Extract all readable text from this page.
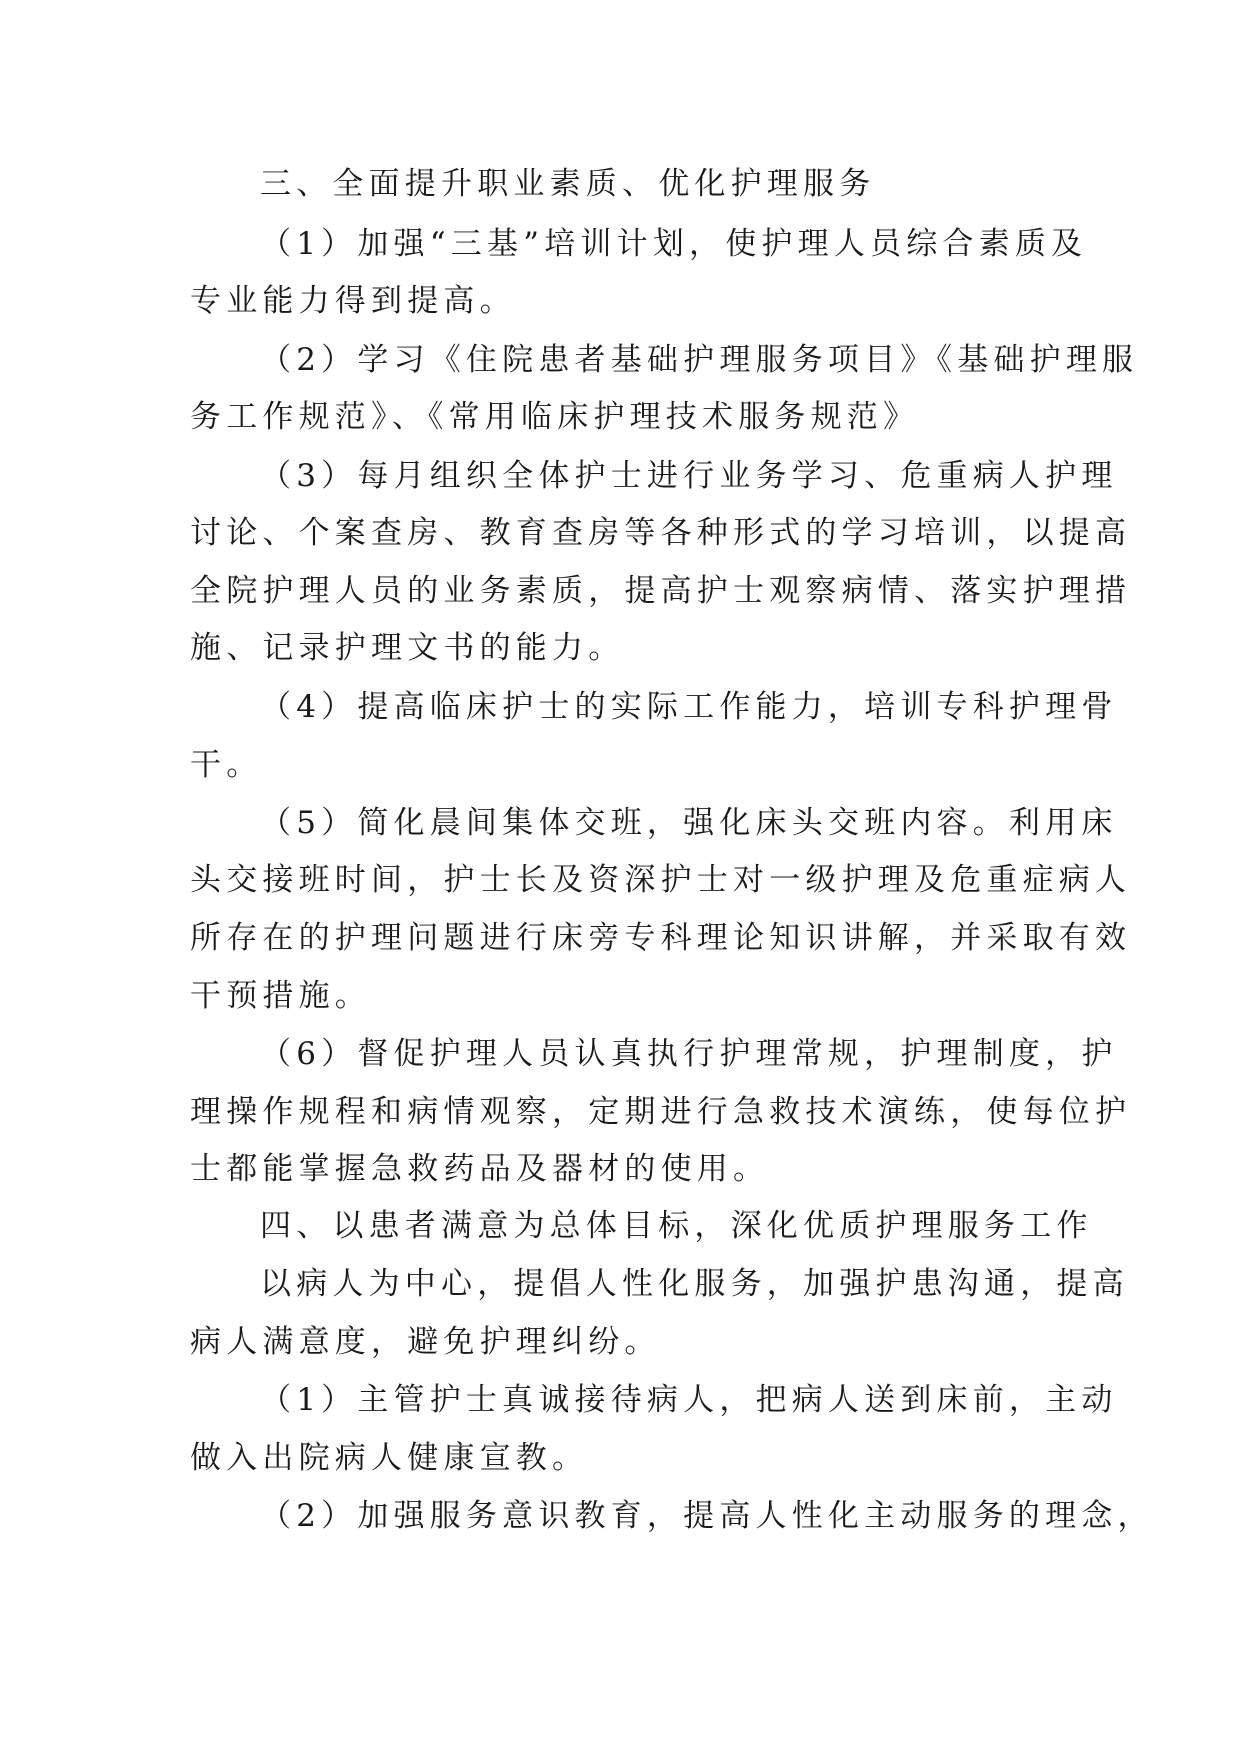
三、全面提升职业素质、优化护理服务
（1）加强“三基”培训计划，使护理人员综合素质及
专业能力得到提高。
（2）学习《住院患者基础护理服务项目》《基础护理服
务工作规范》、《常用临床护理技术服务规范》
（3）每月组织全体护士进行业务学习、危重病人护理
讨论、个案查房、教育查房等各种形式的学习培训，以提高
全院护理人员的业务素质，提高护士观察病情、落实护理措
施、记录护理文书的能力。
（4）提高临床护士的实际工作能力，培训专科护理骨
干。
（5）简化晨间集体交班，强化床头交班内容。利用床
头交接班时间，护士长及资深护士对一级护理及危重症病人
所存在的护理问题进行床旁专科理论知识讲解，并采取有效
干预措施。
（6）督促护理人员认真执行护理常规，护理制度，护
理操作规程和病情观察，定期进行急救技术演练，使每位护
士都能掌握急救药品及器材的使用。
四、以患者满意为总体目标，深化优质护理服务工作
以病人为中心，提倡人性化服务，加强护患沟通，提高
病人满意度，避免护理纠纷。
（1）主管护士真诚接待病人，把病人送到床前，主动
做入出院病人健康宣教。
（2）加强服务意识教育，提高人性化主动服务的理念，
